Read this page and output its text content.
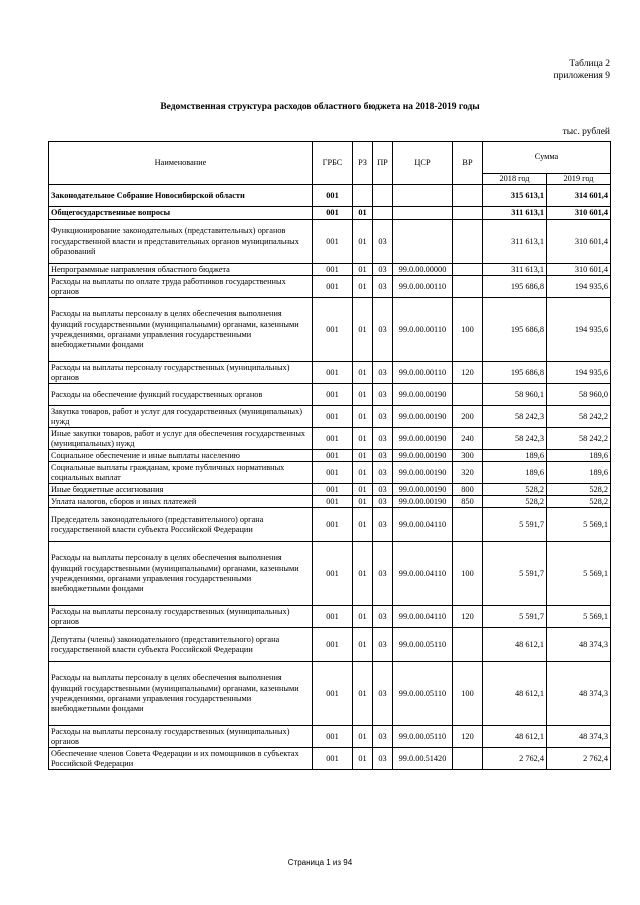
Таблица 2
приложения 9
Ведомственная структура расходов областного бюджета на 2018-2019 годы
тыс. рублей
Наименование	ГРБС	РЗ	ПР	ЦСР	ВР	Сумма	
						2018 год	2019 год
Законодательное Собрание Новосибирской области	001					315 613,1	314 601,4
Общегосударственные вопросы	001	01				311 613,1	310 601,4
Функционирование законодательных (представительных) органов государственной власти и представительных органов муниципальных образований	001	01	03			311 613,1	310 601,4
Непрограммные направления областного бюджета	001	01	03	99.0.00.00000		311 613,1	310 601,4
Расходы на выплаты по оплате труда работников государственных органов	001	01	03	99.0.00.00110		195 686,8	194 935,6
Расходы на выплаты персоналу в целях обеспечения выполнения функций государственными (муниципальными) органами, казенными учреждениями, органами управления государственными внебюджетными фондами	001	01	03	99.0.00.00110	100	195 686,8	194 935,6
Расходы на выплаты персоналу государственных (муниципальных) органов	001	01	03	99.0.00.00110	120	195 686,8	194 935,6
Расходы на обеспечение функций государственных органов	001	01	03	99.0.00.00190		58 960,1	58 960,0
Закупка товаров, работ и услуг для государственных (муниципальных) нужд	001	01	03	99.0.00.00190	200	58 242,3	58 242,2
Иные закупки товаров, работ и услуг для обеспечения государственных (муниципальных) нужд	001	01	03	99.0.00.00190	240	58 242,3	58 242,2
Социальное обеспечение и иные выплаты населению	001	01	03	99.0.00.00190	300	189,6	189,6
Социальные выплаты гражданам, кроме публичных нормативных социальных выплат	001	01	03	99.0.00.00190	320	189,6	189,6
Иные бюджетные ассигнования	001	01	03	99.0.00.00190	800	528,2	528,2
Уплата налогов, сборов и иных платежей	001	01	03	99.0.00.00190	850	528,2	528,2
Председатель законодательного (представительного) органа государственной власти субъекта Российской Федерации	001	01	03	99.0.00.04110		5 591,7	5 569,1
Расходы на выплаты персоналу в целях обеспечения выполнения функций государственными (муниципальными) органами, казенными учреждениями, органами управления государственными внебюджетными фондами	001	01	03	99.0.00.04110	100	5 591,7	5 569,1
Расходы на выплаты персоналу государственных (муниципальных) органов	001	01	03	99.0.00.04110	120	5 591,7	5 569,1
Депутаты (члены) законодательного (представительного) органа государственной власти субъекта Российской Федерации	001	01	03	99.0.00.05110		48 612,1	48 374,3
Расходы на выплаты персоналу в целях обеспечения выполнения функций государственными (муниципальными) органами, казенными учреждениями, органами управления государственными внебюджетными фондами	001	01	03	99.0.00.05110	100	48 612,1	48 374,3
Расходы на выплаты персоналу государственных (муниципальных) органов	001	01	03	99.0.00.05110	120	48 612,1	48 374,3
Обеспечение членов Совета Федерации и их помощников в субъектах Российской Федерации	001	01	03	99.0.00.51420		2 762,4	2 762,4
Страница 1 из 94
